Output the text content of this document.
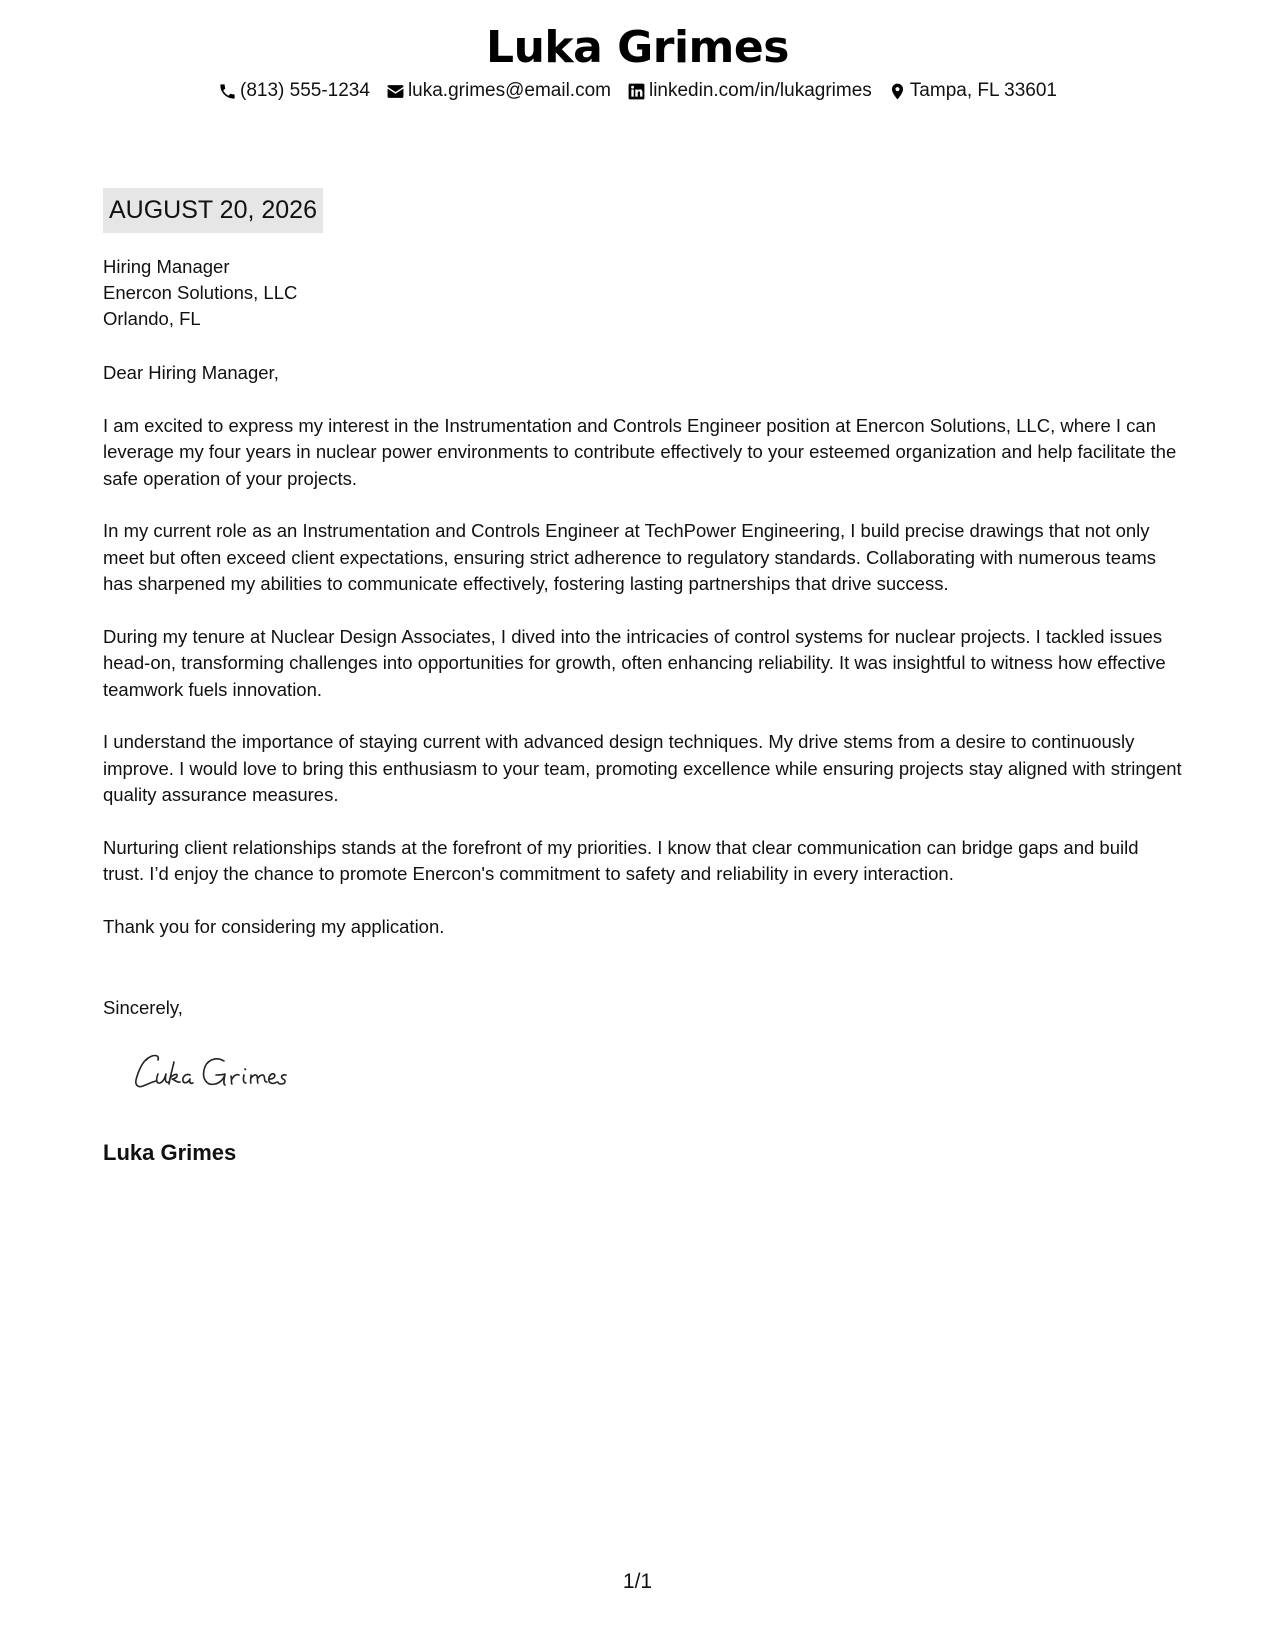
Luka Grimes
(813) 555-1234 luka.grimes@email.com linkedin.com/in/lukagrimes Tampa, FL 33601
AUGUST 20, 2026
Hiring Manager
Enercon Solutions, LLC
Orlando, FL

Dear Hiring Manager,

I am excited to express my interest in the Instrumentation and Controls Engineer position at Enercon Solutions, LLC, where I can leverage my four years in nuclear power environments to contribute effectively to your esteemed organization and help facilitate the safe operation of your projects.

In my current role as an Instrumentation and Controls Engineer at TechPower Engineering, I build precise drawings that not only meet but often exceed client expectations, ensuring strict adherence to regulatory standards. Collaborating with numerous teams has sharpened my abilities to communicate effectively, fostering lasting partnerships that drive success.

During my tenure at Nuclear Design Associates, I dived into the intricacies of control systems for nuclear projects. I tackled issues head-on, transforming challenges into opportunities for growth, often enhancing reliability. It was insightful to witness how effective teamwork fuels innovation.

I understand the importance of staying current with advanced design techniques. My drive stems from a desire to continuously improve. I would love to bring this enthusiasm to your team, promoting excellence while ensuring projects stay aligned with stringent quality assurance measures.

Nurturing client relationships stands at the forefront of my priorities. I know that clear communication can bridge gaps and build trust. I’d enjoy the chance to promote Enercon's commitment to safety and reliability in every interaction.

Thank you for considering my application.

Sincerely,
Luka Grimes
1/1
